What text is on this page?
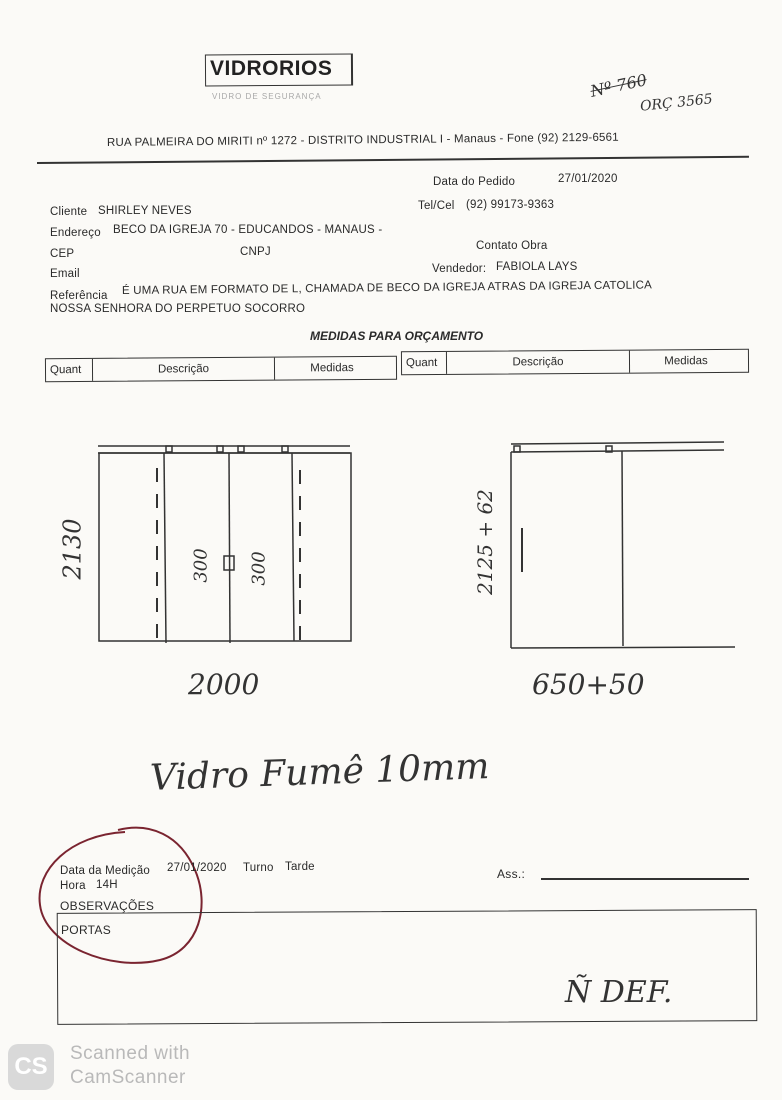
VIDRORIOS
VIDRO DE SEGURANÇA	Nº 760
ORÇ 3565
RUA PALMEIRA DO MIRITI nº 1272 - DISTRITO INDUSTRIAL I - Manaus - Fone (92) 2129-6561
Data do Pedido	27/01/2020
Cliente SHIRLEY NEVES	Tel/Cel (92) 99173-9363
Endereço BECO DA IGREJA 70 - EDUCANDOS - MANAUS -
CEP	CNPJ	Contato Obra
Email	Vendedor: FABIOLA LAYS
Referência É UMA RUA EM FORMATO DE L, CHAMADA DE BECO DA IGREJA ATRAS DA IGREJA CATOLICA
NOSSA SENHORA DO PERPETUO SOCORRO
MEDIDAS PARA ORÇAMENTO
Quant	Descrição	Medidas	Quant	Descrição	Medidas
2130	300 300
2000
2125 + 62
650+50
Vidro Fumê 10mm
Data da Medição 27/01/2020 Turno Tarde
Hora 14H
Ass.:
OBSERVAÇÕES
PORTAS
Ñ DEF.
CS	Scanned with
CamScanner
